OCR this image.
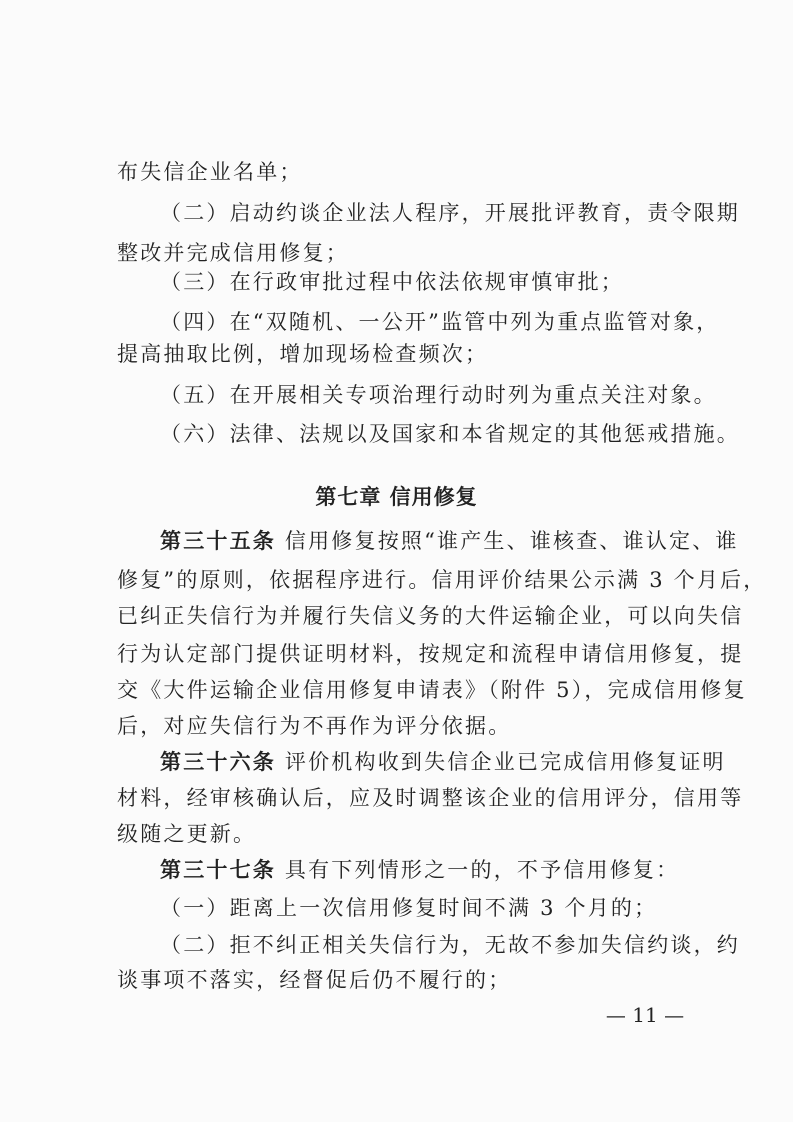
布失信企业名单；
（二）启动约谈企业法人程序，开展批评教育，责令限期
整改并完成信用修复；
（三）在行政审批过程中依法依规审慎审批；
（四）在“双随机、一公开”监管中列为重点监管对象，
提高抽取比例，增加现场检查频次；
（五）在开展相关专项治理行动时列为重点关注对象。
（六）法律、法规以及国家和本省规定的其他惩戒措施。
第七章 信用修复
第三十五条 信用修复按照“谁产生、谁核查、谁认定、谁
修复”的原则，依据程序进行。信用评价结果公示满 3 个月后，
已纠正失信行为并履行失信义务的大件运输企业，可以向失信
行为认定部门提供证明材料，按规定和流程申请信用修复，提
交《大件运输企业信用修复申请表》（附件 5），完成信用修复
后，对应失信行为不再作为评分依据。
第三十六条 评价机构收到失信企业已完成信用修复证明
材料，经审核确认后，应及时调整该企业的信用评分，信用等
级随之更新。
第三十七条 具有下列情形之一的，不予信用修复：
（一）距离上一次信用修复时间不满 3 个月的；
（二）拒不纠正相关失信行为，无故不参加失信约谈，约
谈事项不落实，经督促后仍不履行的；
— 11 —
